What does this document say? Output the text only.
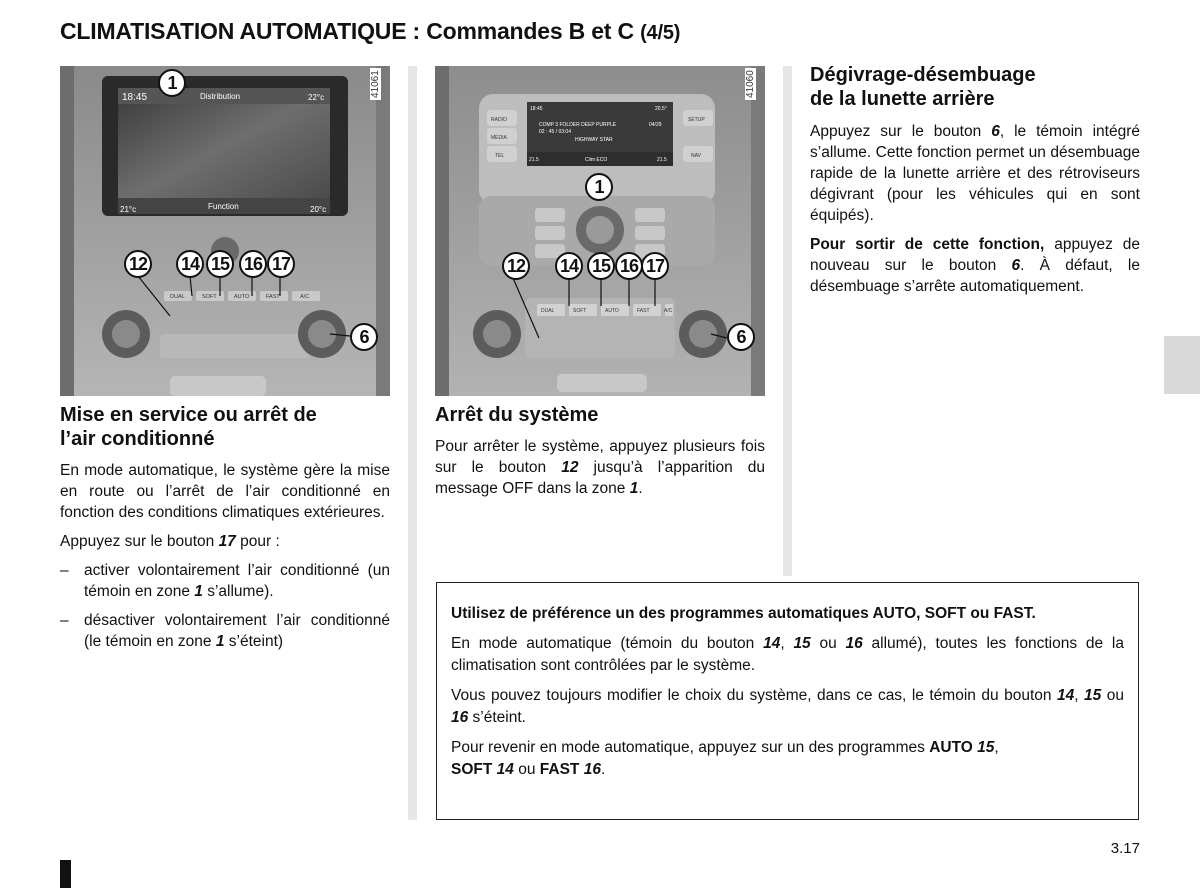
CLIMATISATION AUTOMATIQUE : Commandes B et C (4/5)
DUAL	SOFT	AUTO	FAST	A/C
18:45	Distribution	22°c
Function
21°c	20°c
41061
1
12 14 15 16 17
6
RADIO
MEDIA
TEL
SETUP
NAV
DUAL	SOFT	AUTO	FAST	A/C
18:45	20.5°
COMP 3 FOLDER DEEP PURPLE	04/29
02 : 45 / 03:04
HIGHWAY STAR
Clim ECO
21.5	21.5
41060
1
12 14 15 16 17
6
Mise en service ou arrêt de
l’air conditionné

En mode automatique, le système gère la mise en route ou l’arrêt de l’air conditionné en fonction des conditions climatiques extérieures.

Appuyez sur le bouton 17 pour :

– activer volontairement l’air conditionné (un témoin en zone 1 s’allume).
– désactiver volontairement l’air conditionné (le témoin en zone 1 s’éteint)
Arrêt du système

Pour arrêter le système, appuyez plusieurs fois sur le bouton 12 jusqu’à l’apparition du message OFF dans la zone 1.

Dégivrage-désembuage
de la lunette arrière

Appuyez sur le bouton 6, le témoin intégré s’allume. Cette fonction permet un désembuage rapide de la lunette arrière et des rétroviseurs dégivrant (pour les véhicules qui en sont équipés).

Pour sortir de cette fonction, appuyez de nouveau sur le bouton 6. À défaut, le désembuage s’arrête automatiquement.

Utilisez de préférence un des programmes automatiques AUTO, SOFT ou FAST.

En mode automatique (témoin du bouton 14, 15 ou 16 allumé), toutes les fonctions de la climatisation sont contrôlées par le système.

Vous pouvez toujours modifier le choix du système, dans ce cas, le témoin du bouton 14, 15 ou 16 s’éteint.

Pour revenir en mode automatique, appuyez sur un des programmes AUTO 15,
SOFT 14 ou FAST 16.

3.17
